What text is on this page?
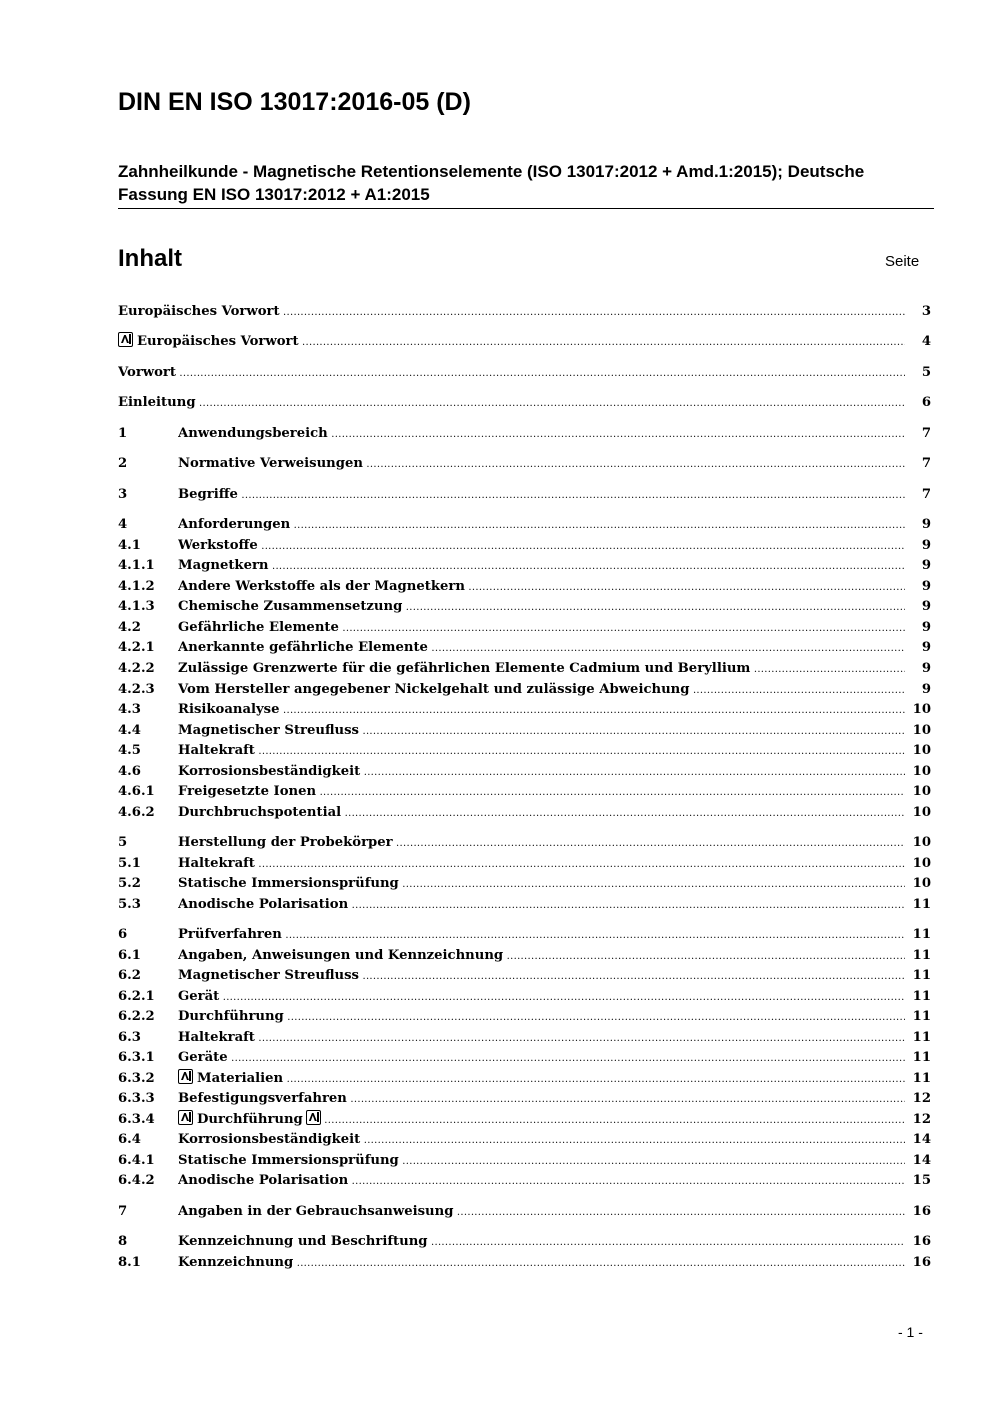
DIN EN ISO 13017:2016-05 (D)
Zahnheilkunde - Magnetische Retentionselemente (ISO 13017:2012 + Amd.1:2015); Deutsche Fassung EN ISO 13017:2012 + A1:2015
Inhalt	Seite
Europäisches Vorwort .....	3
Europäisches Vorwort .....	4
Vorwort .....	5
Einleitung .....	6
1	Anwendungsbereich .....	7
2	Normative Verweisungen .....	7
3	Begriffe .....	7
4	Anforderungen .....	9
4.1	Werkstoffe .....	9
4.1.1 Magnetkern .....	9
4.1.2 Andere Werkstoffe als der Magnetkern .....	9
4.1.3 Chemische Zusammensetzung .....	9
4.2	Gefährliche Elemente .....	9
4.2.1 Anerkannte gefährliche Elemente .....	9
4.2.2 Zulässige Grenzwerte für die gefährlichen Elemente Cadmium und Beryllium .....	9
4.2.3 Vom Hersteller angegebener Nickelgehalt und zulässige Abweichung .....	9
4.3	Risikoanalyse .....	10
4.4	Magnetischer Streufluss .....	10
4.5	Haltekraft .....	10
4.6	Korrosionsbeständigkeit .....	10
4.6.1 Freigesetzte Ionen .....	10
4.6.2 Durchbruchspotential .....	10
5	Herstellung der Probekörper .....	10
5.1	Haltekraft .....	10
5.2	Statische Immersionsprüfung .....	10
5.3	Anodische Polarisation .....	11
6	Prüfverfahren .....	11
6.1	Angaben, Anweisungen und Kennzeichnung .....	11
6.2	Magnetischer Streufluss .....	11
6.2.1 Gerät .....	11
6.2.2 Durchführung .....	11
6.3	Haltekraft .....	11
6.3.1 Geräte .....	11
6.3.2	Materialien .....	11
6.3.3 Befestigungsverfahren .....	12
6.3.4	Durchführung .....	12
6.4	Korrosionsbeständigkeit .....	14
6.4.1 Statische Immersionsprüfung .....	14
6.4.2 Anodische Polarisation .....	15
7	Angaben in der Gebrauchsanweisung .....	16
8	Kennzeichnung und Beschriftung .....	16
8.1	Kennzeichnung .....	16
- 1 -
